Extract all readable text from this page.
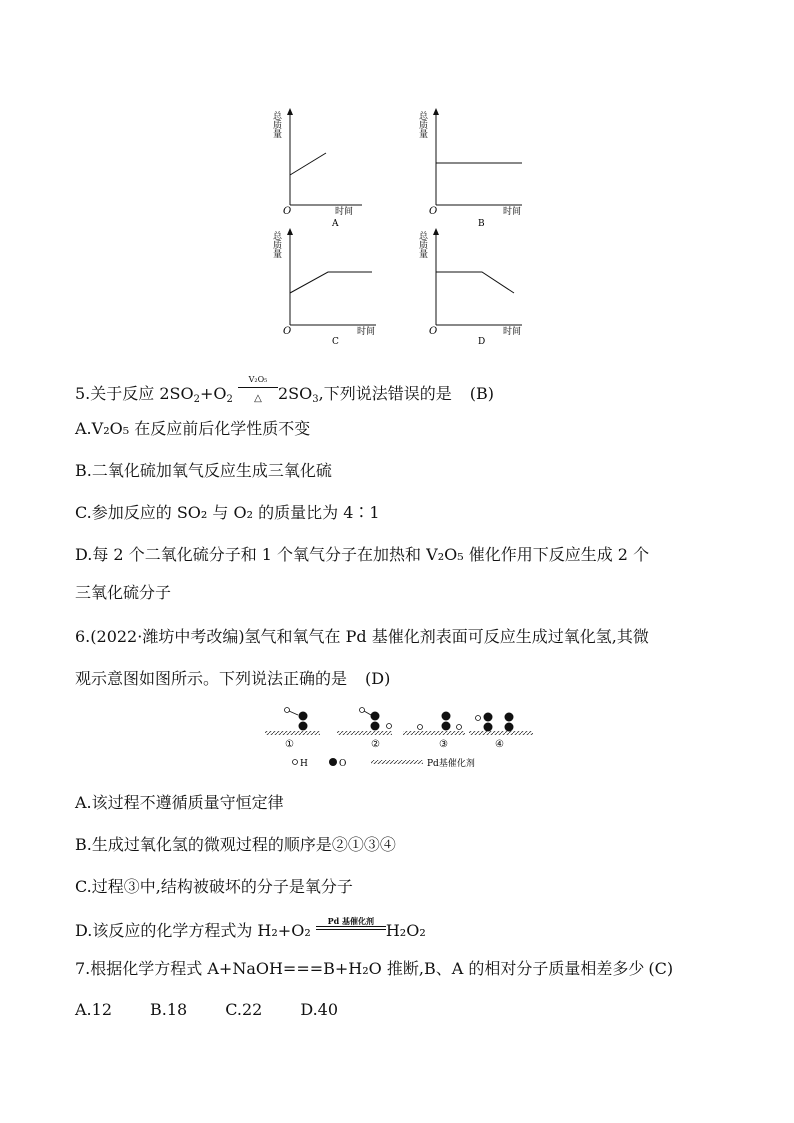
总质量
O	时间
A
总质量
O	时间
B
总质量
O	时间
C
总质量
O	时间
D
5.关于反应 $2SO_2+O_2$
V₂O₅
△	$2SO_3$,下列说法错误的是 (B)
A.V₂O₅ 在反应前后化学性质不变
B.二氧化硫加氧气反应生成三氧化硫
C.参加反应的 SO₂ 与 O₂ 的质量比为 4∶1
D.每 2 个二氧化硫分子和 1 个氧气分子在加热和 V₂O₅ 催化作用下反应生成 2 个
三氧化硫分子
6.(2022·潍坊中考改编)氢气和氧气在 Pd 基催化剂表面可反应生成过氧化氢,其微
观示意图如图所示。下列说法正确的是 (D)
①	②	③	④
H	O	Pd基催化剂
A.该过程不遵循质量守恒定律
B.生成过氧化氢的微观过程的顺序是②①③④
C.过程③中,结构被破坏的分子是氧分子
D.该反应的化学方程式为 H₂+O₂	Pd 基催化剂 H₂O₂
7.根据化学方程式 A+NaOH===B+H₂O 推断,B、A 的相对分子质量相差多少 (C)
A.12 B.18 C.22 D.40
